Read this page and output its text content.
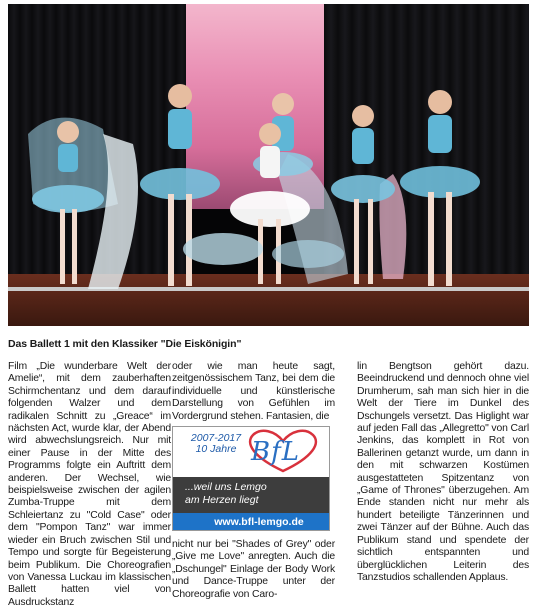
Das Ballett 1 mit den Klassiker "Die Eiskönigin"
Film „Die wunderbare Welt der Amelie“, mit dem zauberhaften Schirmchentanz und dem darauf folgenden Walzer und dem radikalen Schnitt zu „Greace“ im nächsten Act, wurde klar, der Abend wird abwechslungsreich. Nur mit einer Pause in der Mitte des Programms folgte ein Auftritt dem anderen. Der Wechsel, wie beispielsweise zwischen der agilen Zumba-Truppe mit dem Schleiertanz zu "Cold Case" oder dem "Pompon Tanz" war immer wieder ein Bruch zwischen Stil und Tempo und sorgte für Begeisterung beim Publikum. Die Choreografien von Vanessa Luckau im klassischen Ballett hatten viel von Ausdruckstanz
oder wie man heute sagt, zeitgenössischem Tanz, bei dem die individuelle und künstlerische Darstellung von Gefühlen im Vordergrund stehen. Fantasien, die
2007-2017
10 Jahre BfL
...weil uns Lemgo
am Herzen liegt
www.bfl-lemgo.de
nicht nur bei "Shades of Grey" oder „Give me Love" anregten. Auch die „Dschungel" Einlage der Body Work und Dance-Truppe unter der Choreografie von Caro-
lin Bengtson gehört dazu. Beeindruckend und dennoch ohne viel Drumherum, sah man sich hier in die Welt der Tiere im Dunkel des Dschungels versetzt. Das Higlight war auf jeden Fall das „Allegretto" von Carl Jenkins, das komplett in Rot von Ballerinen getanzt wurde, um dann in den mit schwarzen Kostümen ausgestatteten Spitzentanz von „Game of Thrones" überzugehen. Am Ende standen nicht nur mehr als hundert beteiligte Tänzerinnen und zwei Tänzer auf der Bühne. Auch das Publikum stand und spendete der sichtlich entspannten und überglücklichen Leiterin des Tanzstudios schallenden Applaus.
